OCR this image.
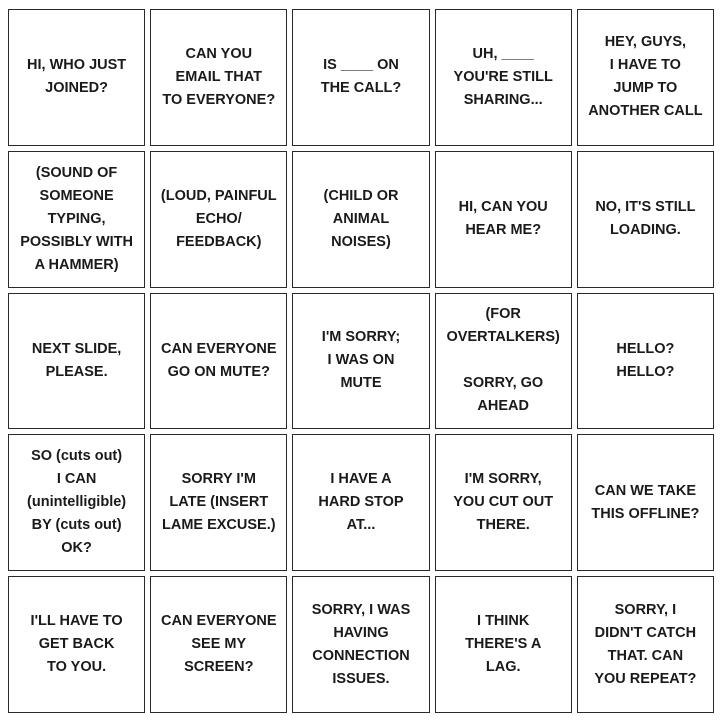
HI, WHO JUST
JOINED?
CAN YOU
EMAIL THAT
TO EVERYONE?
IS ____ ON
THE CALL?
UH, ____
YOU'RE STILL
SHARING...
HEY, GUYS,
I HAVE TO
JUMP TO
ANOTHER CALL
(SOUND OF
SOMEONE
TYPING,
POSSIBLY WITH
A HAMMER)
(LOUD, PAINFUL
ECHO/
FEEDBACK)
(CHILD OR
ANIMAL
NOISES)
HI, CAN YOU
HEAR ME?
NO, IT'S STILL
LOADING.
NEXT SLIDE,
PLEASE.
CAN EVERYONE
GO ON MUTE?
I'M SORRY;
I WAS ON
MUTE
(FOR
OVERTALKERS)

SORRY, GO
AHEAD
HELLO?
HELLO?
SO (cuts out)
I CAN
(unintelligible)
BY (cuts out)
OK?
SORRY I'M
LATE (INSERT
LAME EXCUSE.)
I HAVE A
HARD STOP
AT...
I'M SORRY,
YOU CUT OUT
THERE.
CAN WE TAKE
THIS OFFLINE?
I'LL HAVE TO
GET BACK
TO YOU.
CAN EVERYONE
SEE MY
SCREEN?
SORRY, I WAS
HAVING
CONNECTION
ISSUES.
I THINK
THERE'S A
LAG.
SORRY, I
DIDN'T CATCH
THAT. CAN
YOU REPEAT?
